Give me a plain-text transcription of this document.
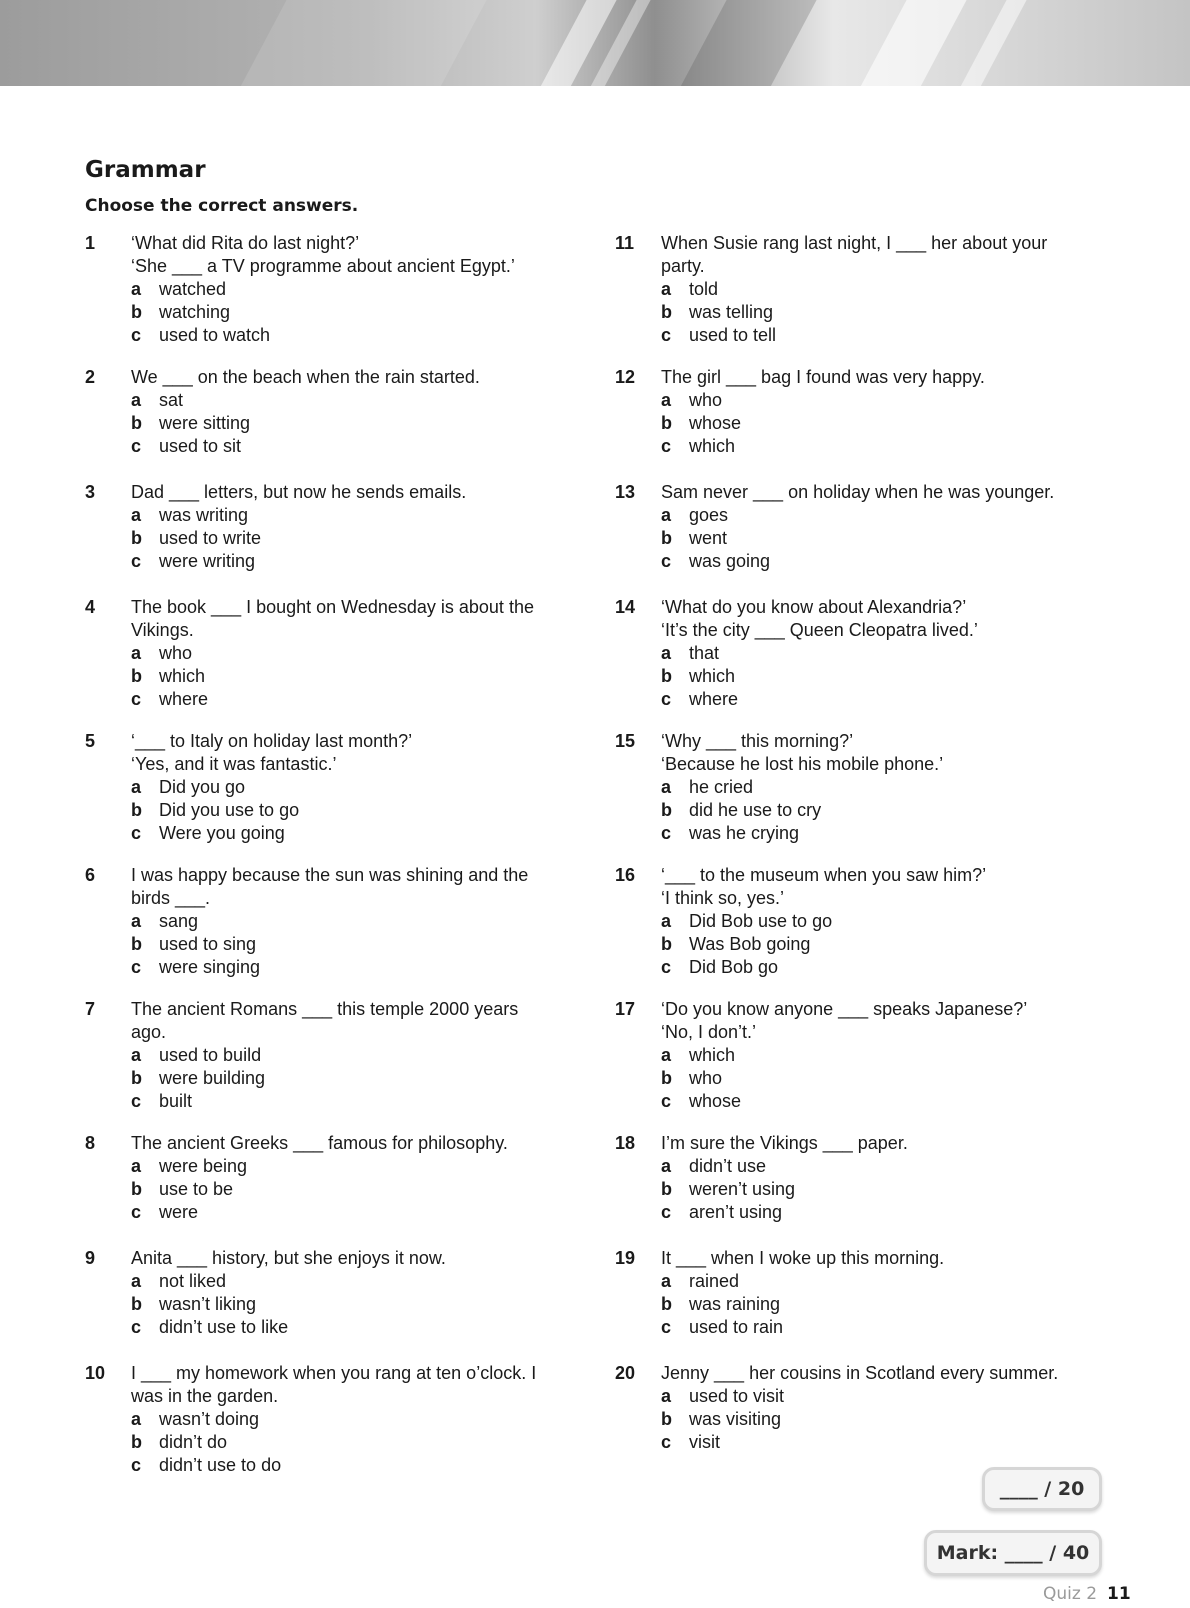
Grammar
Choose the correct answers.
1 ‘What did Rita do last night?’
‘She ___ a TV programme about ancient Egypt.’
a watched
b watching
c used to watch
2 We ___ on the beach when the rain started.
a sat
b were sitting
c used to sit
3 Dad ___ letters, but now he sends emails.
a was writing
b used to write
c were writing
4 The book ___ I bought on Wednesday is about the
Vikings.
a who
b which
c where
5 ‘___ to Italy on holiday last month?’
‘Yes, and it was fantastic.’
a Did you go
b Did you use to go
c Were you going
6 I was happy because the sun was shining and the
birds ___.
a sang
b used to sing
c were singing
7 The ancient Romans ___ this temple 2000 years
ago.
a used to build
b were building
c built
8 The ancient Greeks ___ famous for philosophy.
a were being
b use to be
c were
9 Anita ___ history, but she enjoys it now.
a not liked
b wasn’t liking
c didn’t use to like
10 I ___ my homework when you rang at ten o’clock. I
was in the garden.
a wasn’t doing
b didn’t do
c didn’t use to do
11 When Susie rang last night, I ___ her about your
party.
a told
b was telling
c used to tell
12 The girl ___ bag I found was very happy.
a who
b whose
c which
13 Sam never ___ on holiday when he was younger.
a goes
b went
c was going
14 ‘What do you know about Alexandria?’
‘It’s the city ___ Queen Cleopatra lived.’
a that
b which
c where
15 ‘Why ___ this morning?’
‘Because he lost his mobile phone.’
a he cried
b did he use to cry
c was he crying
16 ‘___ to the museum when you saw him?’
‘I think so, yes.’
a Did Bob use to go
b Was Bob going
c Did Bob go
17 ‘Do you know anyone ___ speaks Japanese?’
‘No, I don’t.’
a which
b who
c whose
18 I’m sure the Vikings ___ paper.
a didn’t use
b weren’t using
c aren’t using
19 It ___ when I woke up this morning.
a rained
b was raining
c used to rain
20 Jenny ___ her cousins in Scotland every summer.
a used to visit
b was visiting
c visit
____ / 20
Mark: ____ / 40
Quiz 2 11
